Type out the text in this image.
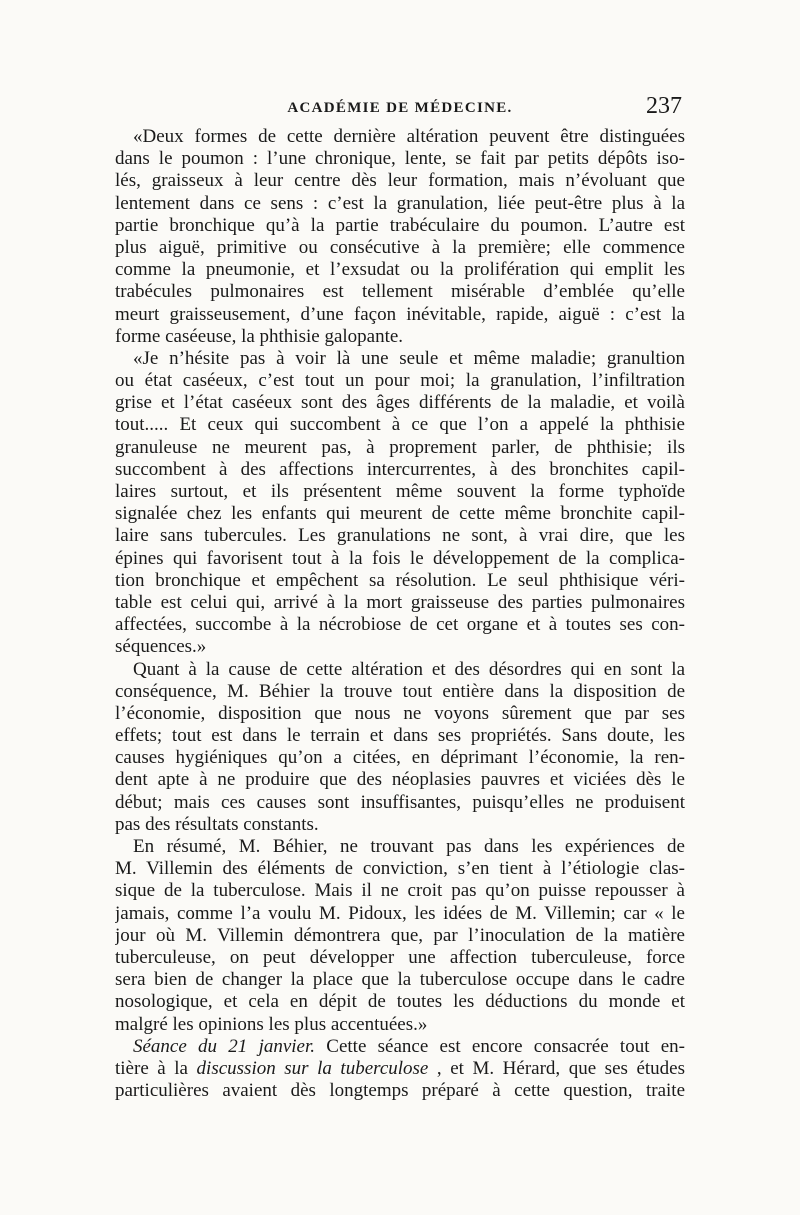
ACADÉMIE DE MÉDECINE.	237
«Deux formes de cette dernière altération peuvent être distinguées
dans le poumon : l’une chronique, lente, se fait par petits dépôts iso-
lés, graisseux à leur centre dès leur formation, mais n’évoluant que
lentement dans ce sens : c’est la granulation, liée peut-être plus à la
partie bronchique qu’à la partie trabéculaire du poumon. L’autre est
plus aiguë, primitive ou consécutive à la première; elle commence
comme la pneumonie, et l’exsudat ou la prolifération qui emplit les
trabécules pulmonaires est tellement misérable d’emblée qu’elle
meurt graisseusement, d’une façon inévitable, rapide, aiguë : c’est la
forme caséeuse, la phthisie galopante.
«Je n’hésite pas à voir là une seule et même maladie; granultion
ou état caséeux, c’est tout un pour moi; la granulation, l’infiltration
grise et l’état caséeux sont des âges différents de la maladie, et voilà
tout..... Et ceux qui succombent à ce que l’on a appelé la phthisie
granuleuse ne meurent pas, à proprement parler, de phthisie; ils
succombent à des affections intercurrentes, à des bronchites capil-
laires surtout, et ils présentent même souvent la forme typhoïde
signalée chez les enfants qui meurent de cette même bronchite capil-
laire sans tubercules. Les granulations ne sont, à vrai dire, que les
épines qui favorisent tout à la fois le développement de la complica-
tion bronchique et empêchent sa résolution. Le seul phthisique véri-
table est celui qui, arrivé à la mort graisseuse des parties pulmonaires
affectées, succombe à la nécrobiose de cet organe et à toutes ses con-
séquences.»
Quant à la cause de cette altération et des désordres qui en sont la
conséquence, M. Béhier la trouve tout entière dans la disposition de
l’économie, disposition que nous ne voyons sûrement que par ses
effets; tout est dans le terrain et dans ses propriétés. Sans doute, les
causes hygiéniques qu’on a citées, en déprimant l’économie, la ren-
dent apte à ne produire que des néoplasies pauvres et viciées dès le
début; mais ces causes sont insuffisantes, puisqu’elles ne produisent
pas des résultats constants.
En résumé, M. Béhier, ne trouvant pas dans les expériences de
M. Villemin des éléments de conviction, s’en tient à l’étiologie clas-
sique de la tuberculose. Mais il ne croit pas qu’on puisse repousser à
jamais, comme l’a voulu M. Pidoux, les idées de M. Villemin; car « le
jour où M. Villemin démontrera que, par l’inoculation de la matière
tuberculeuse, on peut développer une affection tuberculeuse, force
sera bien de changer la place que la tuberculose occupe dans le cadre
nosologique, et cela en dépit de toutes les déductions du monde et
malgré les opinions les plus accentuées.»
Séance du 21 janvier. Cette séance est encore consacrée tout en-
tière à la discussion sur la tuberculose , et M. Hérard, que ses études
particulières avaient dès longtemps préparé à cette question, traite
